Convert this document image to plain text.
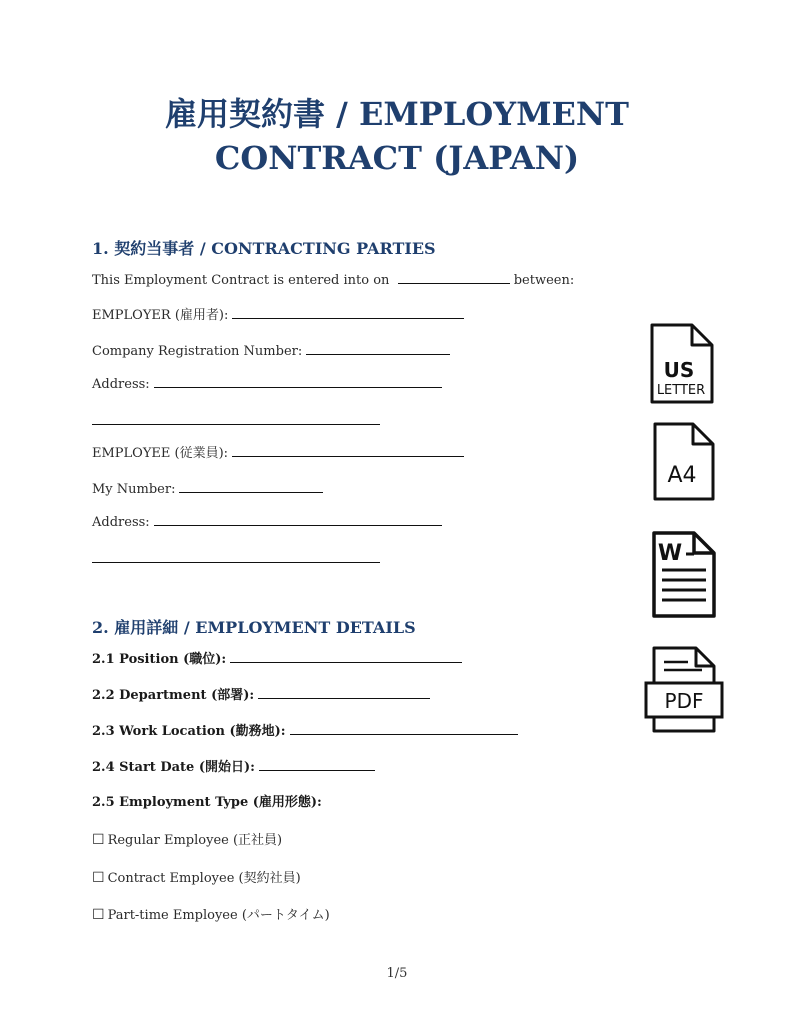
雇用契約書 / EMPLOYMENT
CONTRACT (JAPAN)
1. 契約当事者 / CONTRACTING PARTIES
This Employment Contract is entered into on	between:
EMPLOYER (雇用者):
Company Registration Number:
Address:
EMPLOYEE (従業員):
My Number:
Address:
2. 雇用詳細 / EMPLOYMENT DETAILS
2.1 Position (職位):
2.2 Department (部署):
2.3 Work Location (勤務地):
2.4 Start Date (開始日):
2.5 Employment Type (雇用形態):
☐ Regular Employee (正社員)
☐ Contract Employee (契約社員)
☐ Part-time Employee (パートタイム)
US
LETTER
A4
W
PDF
1/5
